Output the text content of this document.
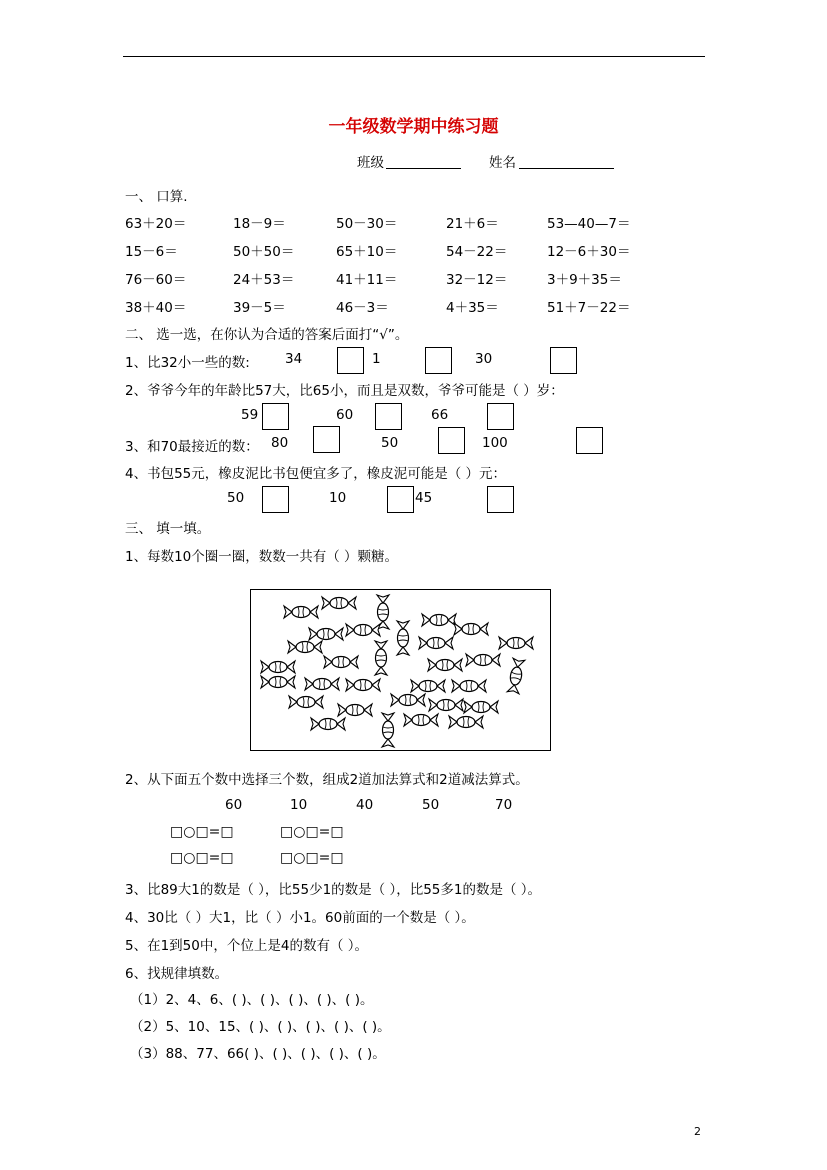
一年级数学期中练习题
班级	姓名
一、 口算.
63＋20＝	18－9＝	50－30＝	21＋6＝	53—40—7＝
15－6＝	50＋50＝	65＋10＝	54－22＝	12－6＋30＝
76－60＝	24＋53＝	41＋11＝	32－12＝	3＋9＋35＝
38＋40＝	39－5＝	46－3＝	4＋35＝	51＋7－22＝
二、 选一选，在你认为合适的答案后面打“√”。
1、比32小一些的数:	34	1	30
2、爷爷今年的年龄比57大，比65小，而且是双数，爷爷可能是（ ）岁：
59	60	66
3、和70最接近的数： 80	50	100
4、书包55元，橡皮泥比书包便宜多了，橡皮泥可能是（ ）元：
50	10	45
三、 填一填。
1、每数10个圈一圈，数数一共有（ ）颗糖。
2、从下面五个数中选择三个数，组成2道加法算式和2道减法算式。
60	10	40	50	70
□○□=□	□○□=□
□○□=□	□○□=□
3、比89大1的数是（ ），比55少1的数是（ ），比55多1的数是（ ）。
4、30比（ ）大1，比（ ）小1。60前面的一个数是（ ）。
5、在1到50中，个位上是4的数有（ ）。
6、找规律填数。
（1）2、4、6、( )、( )、( )、( )、( )。
（2）5、10、15、( )、( )、( )、( )、( )。
（3）88、77、66( )、( )、( )、( )、( )。
2
